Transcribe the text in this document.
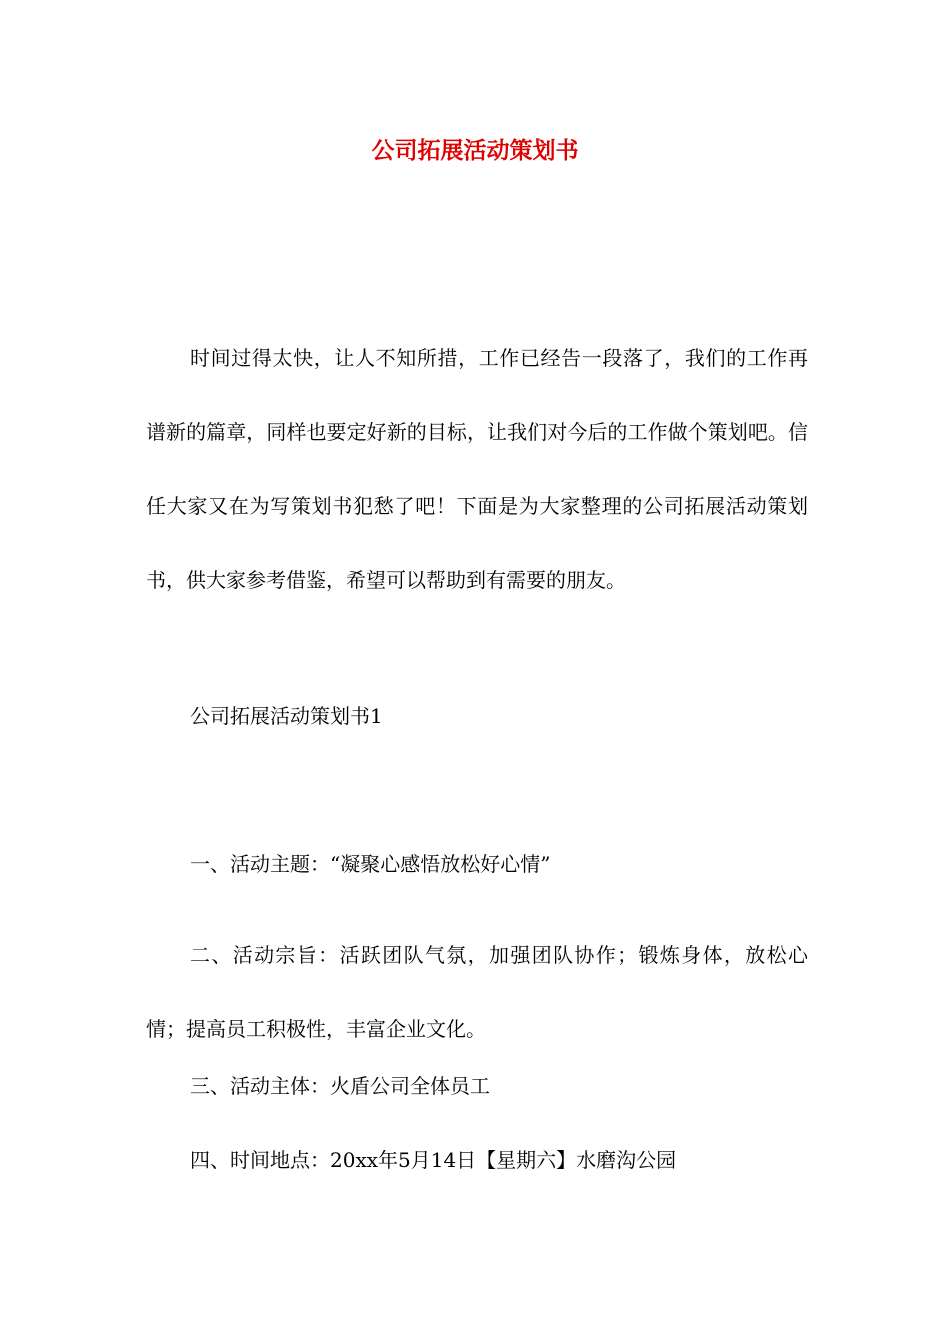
公司拓展活动策划书

时间过得太快，让人不知所措，工作已经告一段落了，我们的工作再谱新的篇章，同样也要定好新的目标，让我们对今后的工作做个策划吧。信任大家又在为写策划书犯愁了吧！下面是为大家整理的公司拓展活动策划书，供大家参考借鉴，希望可以帮助到有需要的朋友。

公司拓展活动策划书1

一、活动主题：“凝聚心感悟放松好心情”

二、活动宗旨：活跃团队气氛，加强团队协作；锻炼身体，放松心情；提高员工积极性，丰富企业文化。

三、活动主体：火盾公司全体员工

四、时间地点：20xx年5月14日【星期六】水磨沟公园
